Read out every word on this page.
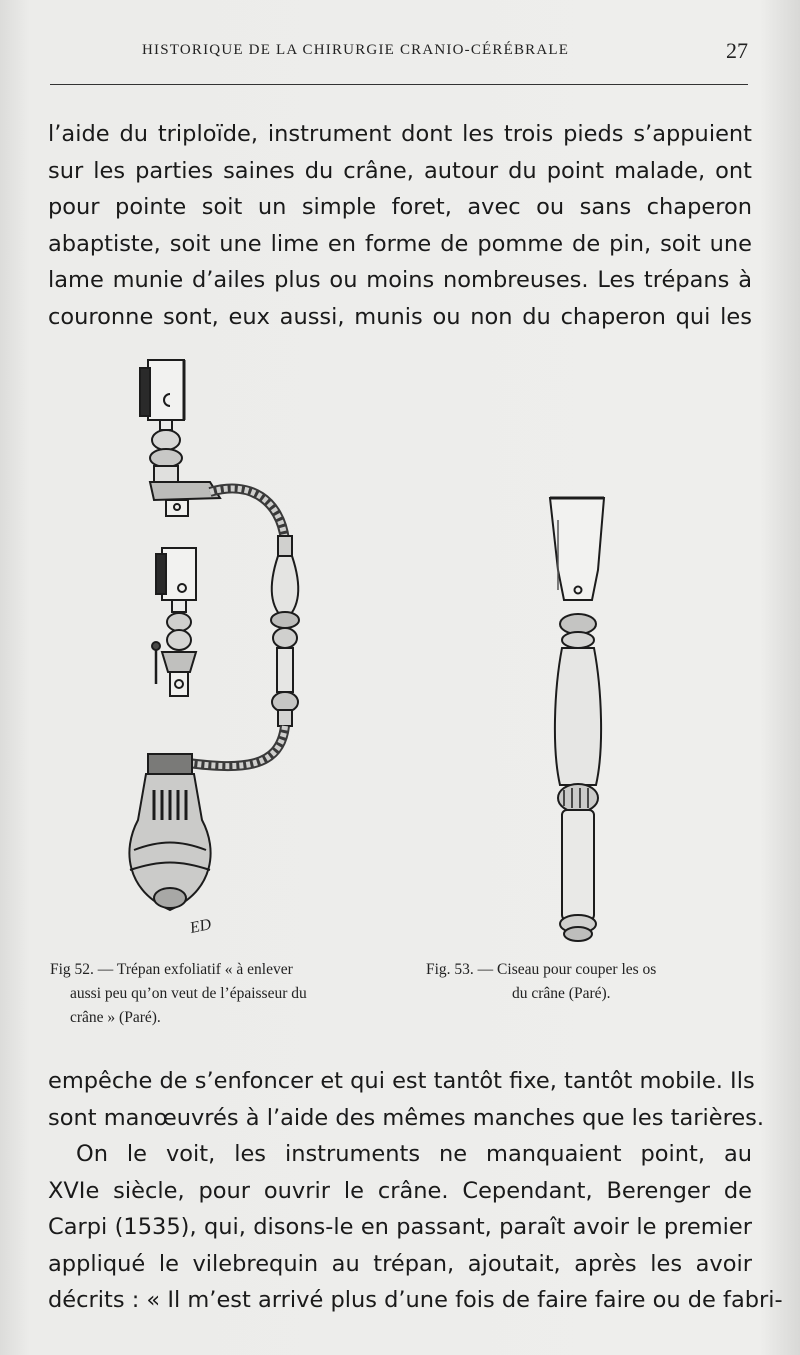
HISTORIQUE DE LA CHIRURGIE CRANIO-CÉRÉBRALE	27
l’aide du triploïde, instrument dont les trois pieds s’appuient
sur les parties saines du crâne, autour du point malade, ont
pour pointe soit un simple foret, avec ou sans chaperon
abaptiste, soit une lime en forme de pomme de pin, soit une
lame munie d’ailes plus ou moins nombreuses. Les trépans à
couronne sont, eux aussi, munis ou non du chaperon qui les
ED
Fig 52. — Trépan exfoliatif « à enlever
aussi peu qu’on veut de l’épaisseur du
crâne » (Paré).
Fig. 53. — Ciseau pour couper les os
du crâne (Paré).
empêche de s’enfoncer et qui est tantôt fixe, tantôt mobile. Ils
sont manœuvrés à l’aide des mêmes manches que les tarières.
On le voit, les instruments ne manquaient point, au
XVIe siècle, pour ouvrir le crâne. Cependant, Berenger de
Carpi (1535), qui, disons-le en passant, paraît avoir le premier
appliqué le vilebrequin au trépan, ajoutait, après les avoir
décrits : « Il m’est arrivé plus d’une fois de faire faire ou de fabri-
